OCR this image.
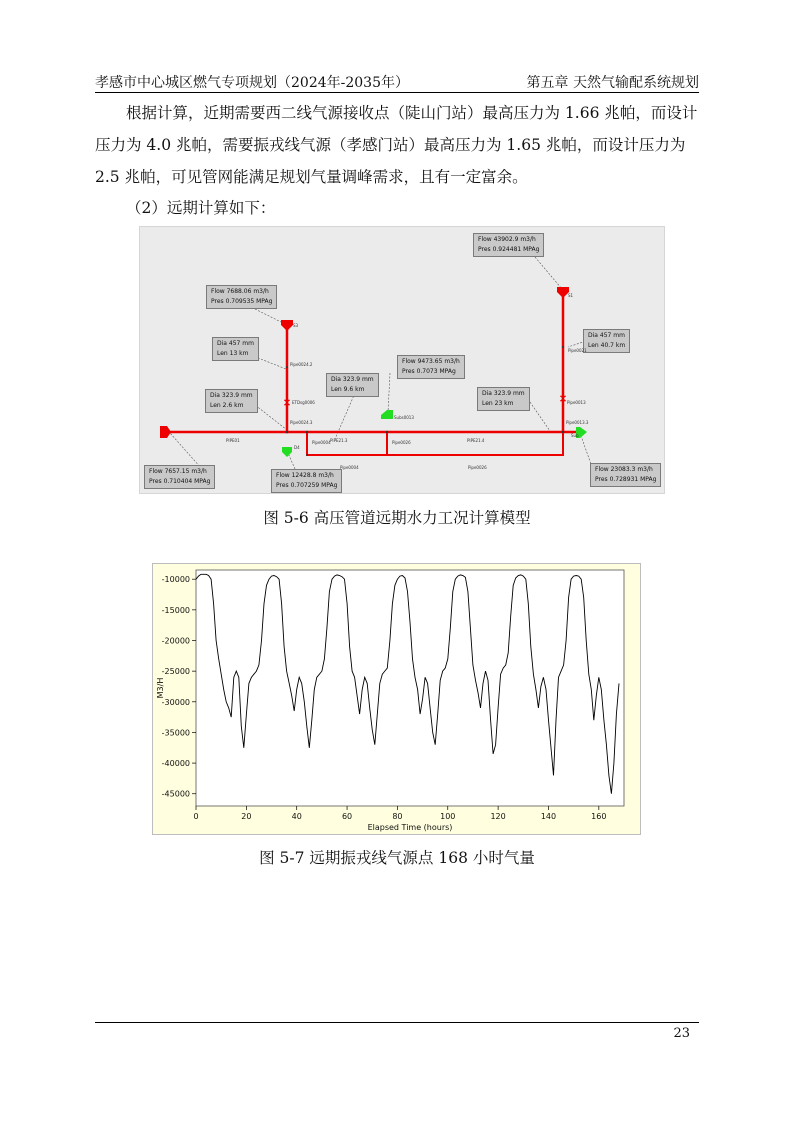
孝感市中心城区燃气专项规划（2024年-2035年）	第五章 天然气输配系统规划

根据计算，近期需要西二线气源接收点（陡山门站）最高压力为 1.66 兆帕，而设计压力为 4.0 兆帕，需要振戎线气源（孝感门站）最高压力为 1.65 兆帕，而设计压力为 2.5 兆帕，可见管网能满足规划气量调峰需求，且有一定富余。

（2）远期计算如下：

Flow 43902.9 m3/h
Pres 0.924481 MPAg
Flow 7688.06 m3/h
Pres 0.709535 MPAg
Dia 457 mm
Len 13 km
Dia 457 mm
Len 40.7 km
Flow 9473.65 m3/h
Pres 0.7073 MPAg
Dia 323.9 mm
Len 9.6 km
Dia 323.9 mm
Len 2.6 km
Dia 323.9 mm
Len 23 km
Flow 7657.15 m3/h
Pres 0.710404 MPAg
Flow 12428.8 m3/h
Pres 0.707259 MPAg
Flow 23083.3 m3/h
Pres 0.728931 MPAg
S1
S3
Pipe0024.2
Pipe0021
Pipe0013
Pipe0024.3	Pipe0013.3
PIPE21.4
PIPE01	Pipe0004	Pipe0026
Sub
PIPE21.3
D4
Subs0013
ETDsg0006
Pipe0004	Pipe0026
图 5-6 高压管道远期水力工况计算模型
0	20	40	60	80	100	120	140	160
-10000
-15000
-20000
-25000
-30000
-35000
-40000
-45000
Elapsed Time (hours)
M3/H
图 5-7 远期振戎线气源点 168 小时气量
23
